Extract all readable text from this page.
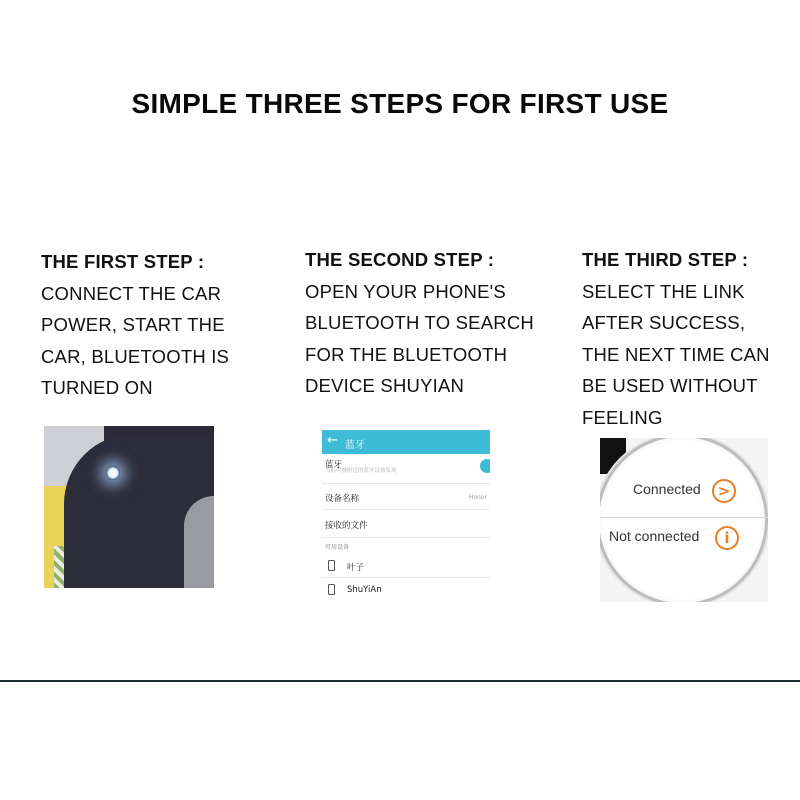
SIMPLE THREE STEPS FOR FIRST USE
THE FIRST STEP :
CONNECT THE CAR
POWER, START THE
CAR, BLUETOOTH IS
TURNED ON
THE SECOND STEP :
OPEN YOUR PHONE'S
BLUETOOTH TO SEARCH
FOR THE BLUETOOTH
DEVICE SHUYIAN
THE THIRD STEP :
SELECT THE LINK
AFTER SUCCESS,
THE NEXT TIME CAN
BE USED WITHOUT
FEELING
← 蓝牙
蓝牙
当前可被附近的蓝牙设备发现
设备名称	Honor
接收的文件
可用设备
叶子
ShuYiAn
Connected	>
Not connected	i
